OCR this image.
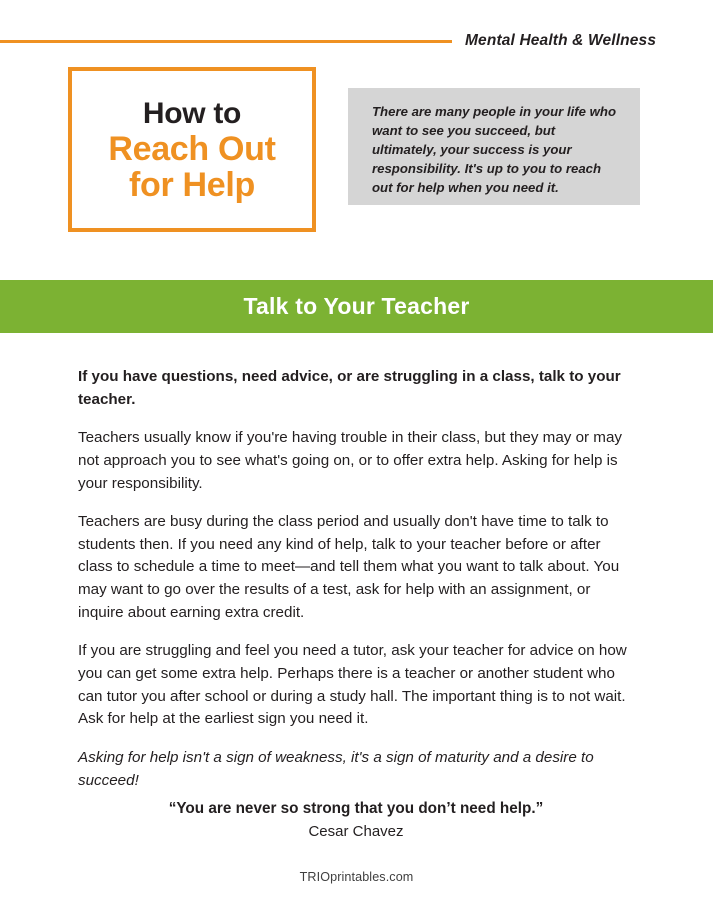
Mental Health & Wellness
How to
Reach Out
for Help
There are many people in your life who want to see you succeed, but ultimately, your success is your responsibility. It's up to you to reach out for help when you need it.
Talk to Your Teacher

If you have questions, need advice, or are struggling in a class, talk to your teacher.

Teachers usually know if you're having trouble in their class, but they may or may not approach you to see what's going on, or to offer extra help. Asking for help is your responsibility.

Teachers are busy during the class period and usually don't have time to talk to students then. If you need any kind of help, talk to your teacher before or after class to schedule a time to meet—and tell them what you want to talk about. You may want to go over the results of a test, ask for help with an assignment, or inquire about earning extra credit.

If you are struggling and feel you need a tutor, ask your teacher for advice on how you can get some extra help. Perhaps there is a teacher or another student who can tutor you after school or during a study hall. The important thing is to not wait. Ask for help at the earliest sign you need it.

Asking for help isn't a sign of weakness, it's a sign of maturity and a desire to succeed!

“You are never so strong that you don’t need help.”
Cesar Chavez
TRIOprintables.com
